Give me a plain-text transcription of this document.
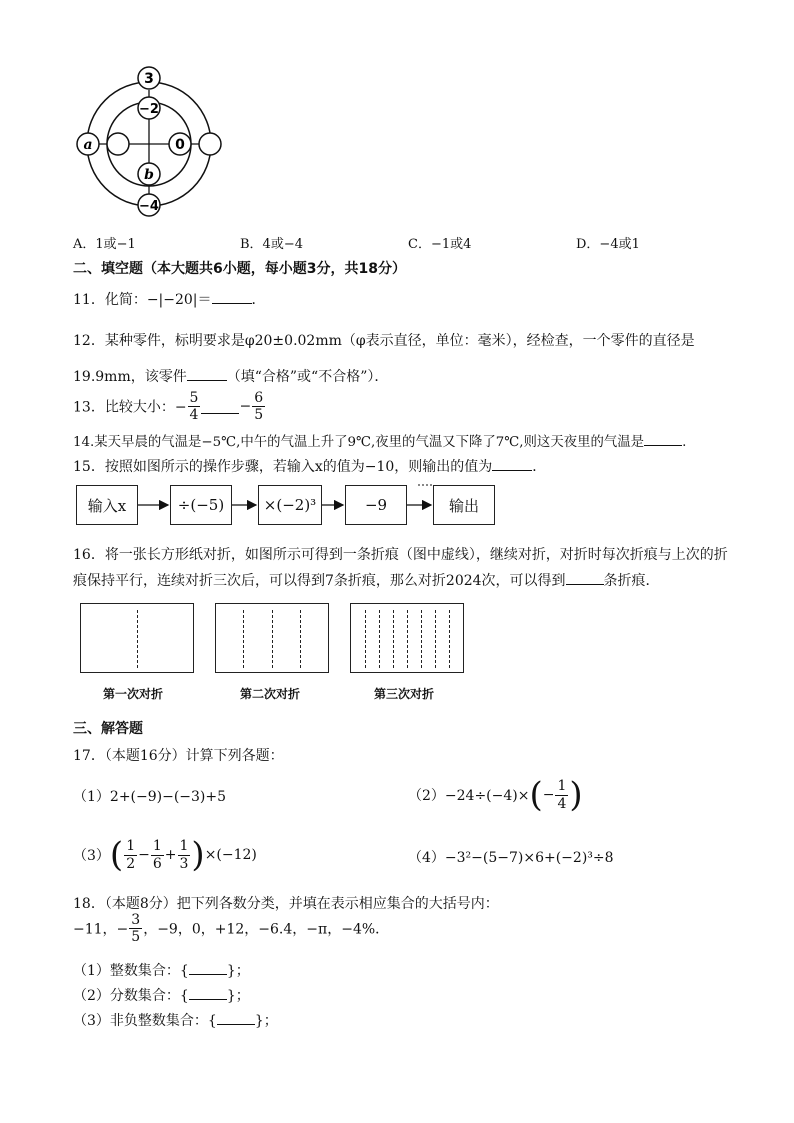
3
−2
a	0
b
−4
A．1或−1	B．4或−4	C．−1或4	D．−4或1
二、填空题（本大题共6小题，每小题3分，共18分）
11．化简：−|−20|＝	．
12．某种零件，标明要求是φ20±0.02mm（φ表示直径，单位：毫米），经检查，一个零件的直径是
19.9mm，该零件	（填“合格”或“不合格”）．
13．比较大小：− $\frac{5}{4}$	− $\frac{6}{5}$
14.某天早晨的气温是−5℃,中午的气温上升了9℃,夜里的气温又下降了7℃,则这天夜里的气温是	.
15．按照如图所示的操作步骤，若输入x的值为−10，则输出的值为	．
输入x	÷(−5)	×(−2)³	−9	输出
16．将一张长方形纸对折，如图所示可得到一条折痕（图中虚线），继续对折，对折时每次折痕与上次的折
痕保持平行，连续对折三次后，可以得到7条折痕，那么对折2024次，可以得到	条折痕．
第一次对折	第二次对折	第三次对折
三、解答题
17．（本题16分）计算下列各题：
（1）2+(−9)−(−3)+5	$(2)-24\div(-4)\times(- \frac{1}{4}$ )
$(3)( \frac{1}{2} - \frac{1}{6} + \frac{1}{3} )\times(-12)$	（4）−3²−(5−7)×6+(−2)³÷8
18．（本题8分）把下列各数分类，并填在表示相应集合的大括号内：
−11，− $\frac{3}{5}$ ，−9，0，+12，−6.4，−π，−4%．
（1）整数集合：{	}；
（2）分数集合：{	}；
（3）非负整数集合：{	}；
